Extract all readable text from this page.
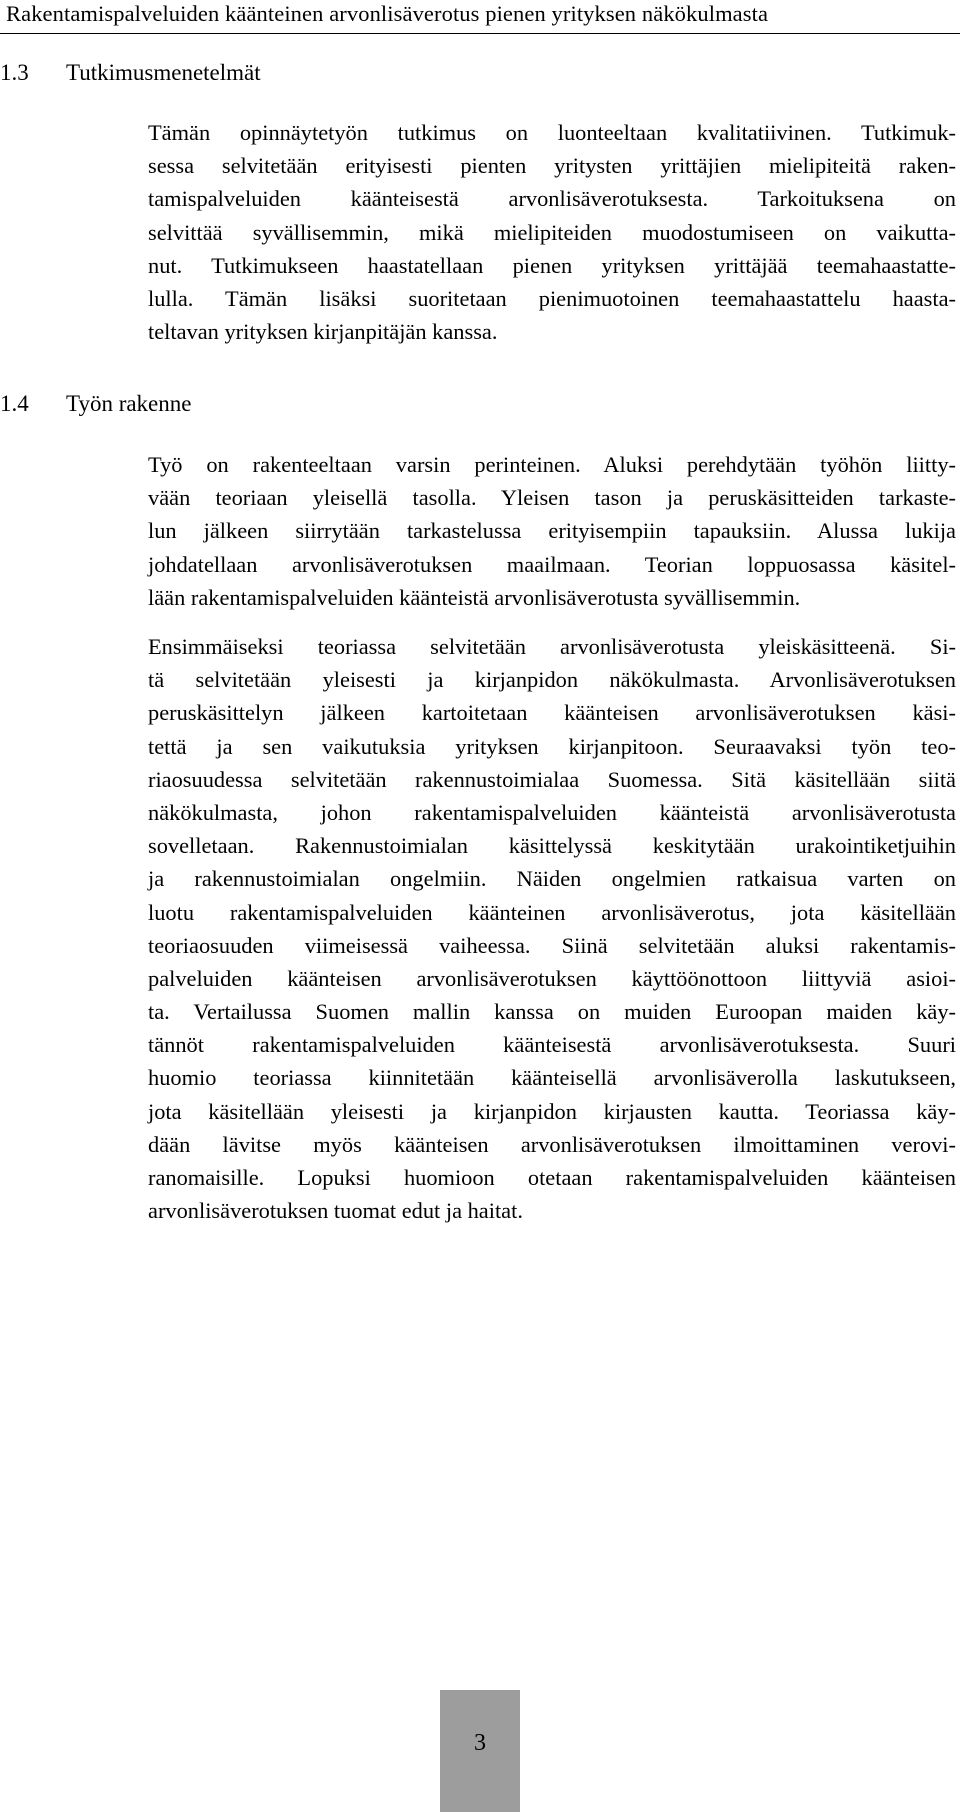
Rakentamispalveluiden käänteinen arvonlisäverotus pienen yrityksen näkökulmasta
1.3 Tutkimusmenetelmät
Tämän opinnäytetyön tutkimus on luonteeltaan kvalitatiivinen. Tutkimuk-
sessa selvitetään erityisesti pienten yritysten yrittäjien mielipiteitä raken-
tamispalveluiden käänteisestä arvonlisäverotuksesta. Tarkoituksena on
selvittää syvällisemmin, mikä mielipiteiden muodostumiseen on vaikutta-
nut. Tutkimukseen haastatellaan pienen yrityksen yrittäjää teemahaastatte-
lulla. Tämän lisäksi suoritetaan pienimuotoinen teemahaastattelu haasta-
teltavan yrityksen kirjanpitäjän kanssa.
1.4 Työn rakenne
Työ on rakenteeltaan varsin perinteinen. Aluksi perehdytään työhön liitty-
vään teoriaan yleisellä tasolla. Yleisen tason ja peruskäsitteiden tarkaste-
lun jälkeen siirrytään tarkastelussa erityisempiin tapauksiin. Alussa lukija
johdatellaan arvonlisäverotuksen maailmaan. Teorian loppuosassa käsitel-
lään rakentamispalveluiden käänteistä arvonlisäverotusta syvällisemmin.
Ensimmäiseksi teoriassa selvitetään arvonlisäverotusta yleiskäsitteenä. Si-
tä selvitetään yleisesti ja kirjanpidon näkökulmasta. Arvonlisäverotuksen
peruskäsittelyn jälkeen kartoitetaan käänteisen arvonlisäverotuksen käsi-
tettä ja sen vaikutuksia yrityksen kirjanpitoon. Seuraavaksi työn teo-
riaosuudessa selvitetään rakennustoimialaa Suomessa. Sitä käsitellään siitä
näkökulmasta, johon rakentamispalveluiden käänteistä arvonlisäverotusta
sovelletaan. Rakennustoimialan käsittelyssä keskitytään urakointiketjuihin
ja rakennustoimialan ongelmiin. Näiden ongelmien ratkaisua varten on
luotu rakentamispalveluiden käänteinen arvonlisäverotus, jota käsitellään
teoriaosuuden viimeisessä vaiheessa. Siinä selvitetään aluksi rakentamis-
palveluiden käänteisen arvonlisäverotuksen käyttöönottoon liittyviä asioi-
ta. Vertailussa Suomen mallin kanssa on muiden Euroopan maiden käy-
tännöt rakentamispalveluiden käänteisestä arvonlisäverotuksesta. Suuri
huomio teoriassa kiinnitetään käänteisellä arvonlisäverolla laskutukseen,
jota käsitellään yleisesti ja kirjanpidon kirjausten kautta. Teoriassa käy-
dään lävitse myös käänteisen arvonlisäverotuksen ilmoittaminen verovi-
ranomaisille. Lopuksi huomioon otetaan rakentamispalveluiden käänteisen
arvonlisäverotuksen tuomat edut ja haitat.
3
